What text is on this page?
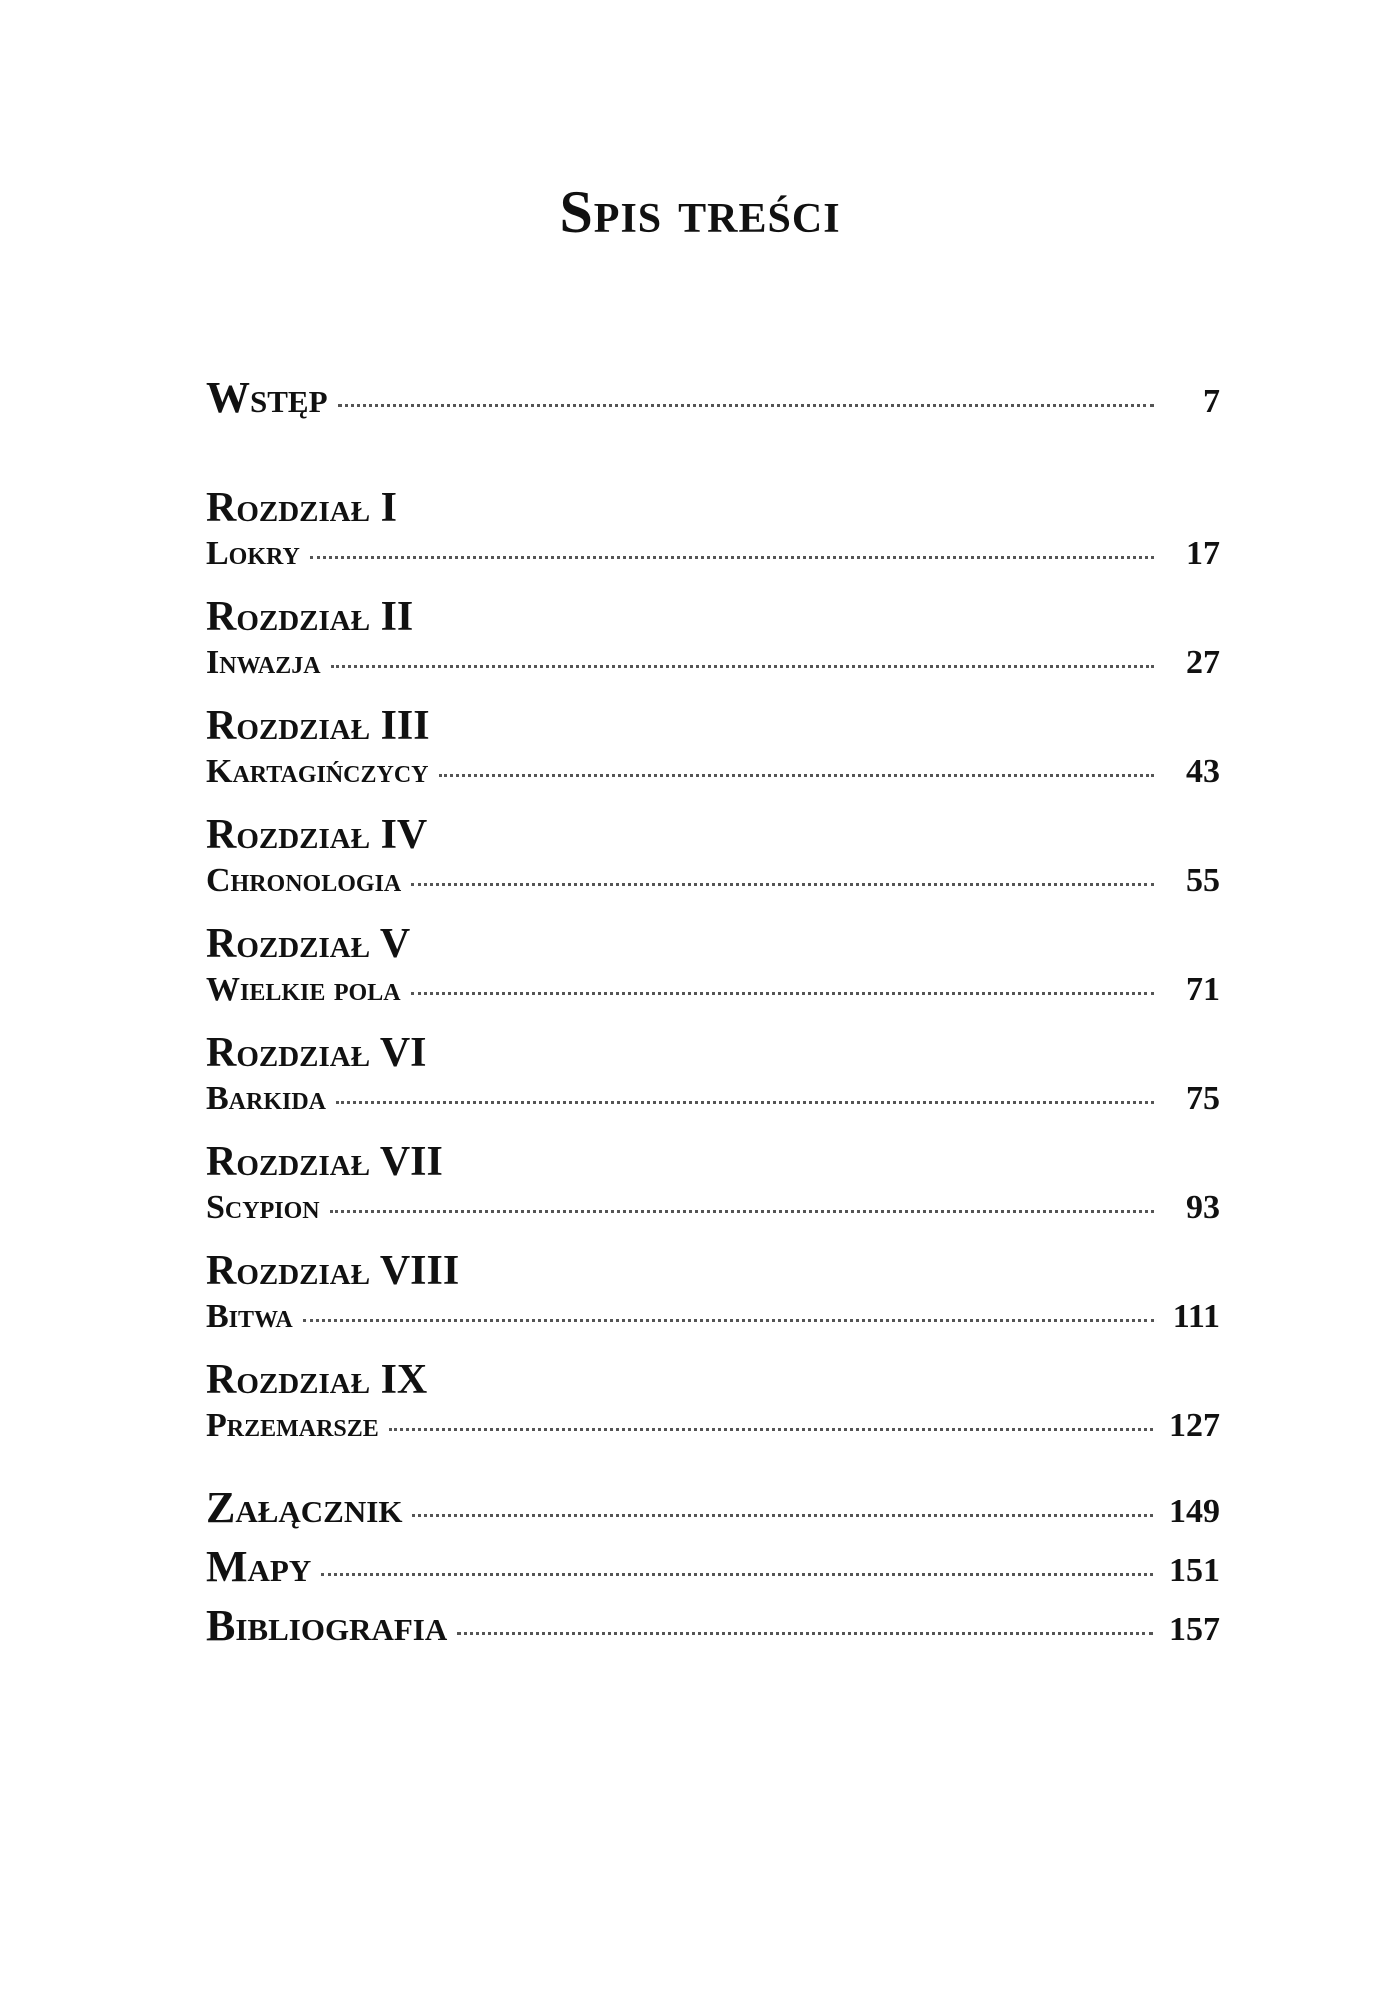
Spis treści
Wstęp	7
Rozdział I
Lokry	17
Rozdział II
Inwazja	27
Rozdział III
Kartagińczycy	43
Rozdział IV
Chronologia	55
Rozdział V
Wielkie pola	71
Rozdział VI
Barkida	75
Rozdział VII
Scypion	93
Rozdział VIII
Bitwa	111
Rozdział IX
Przemarsze	127
Załącznik	149
Mapy	151
Bibliografia	157
